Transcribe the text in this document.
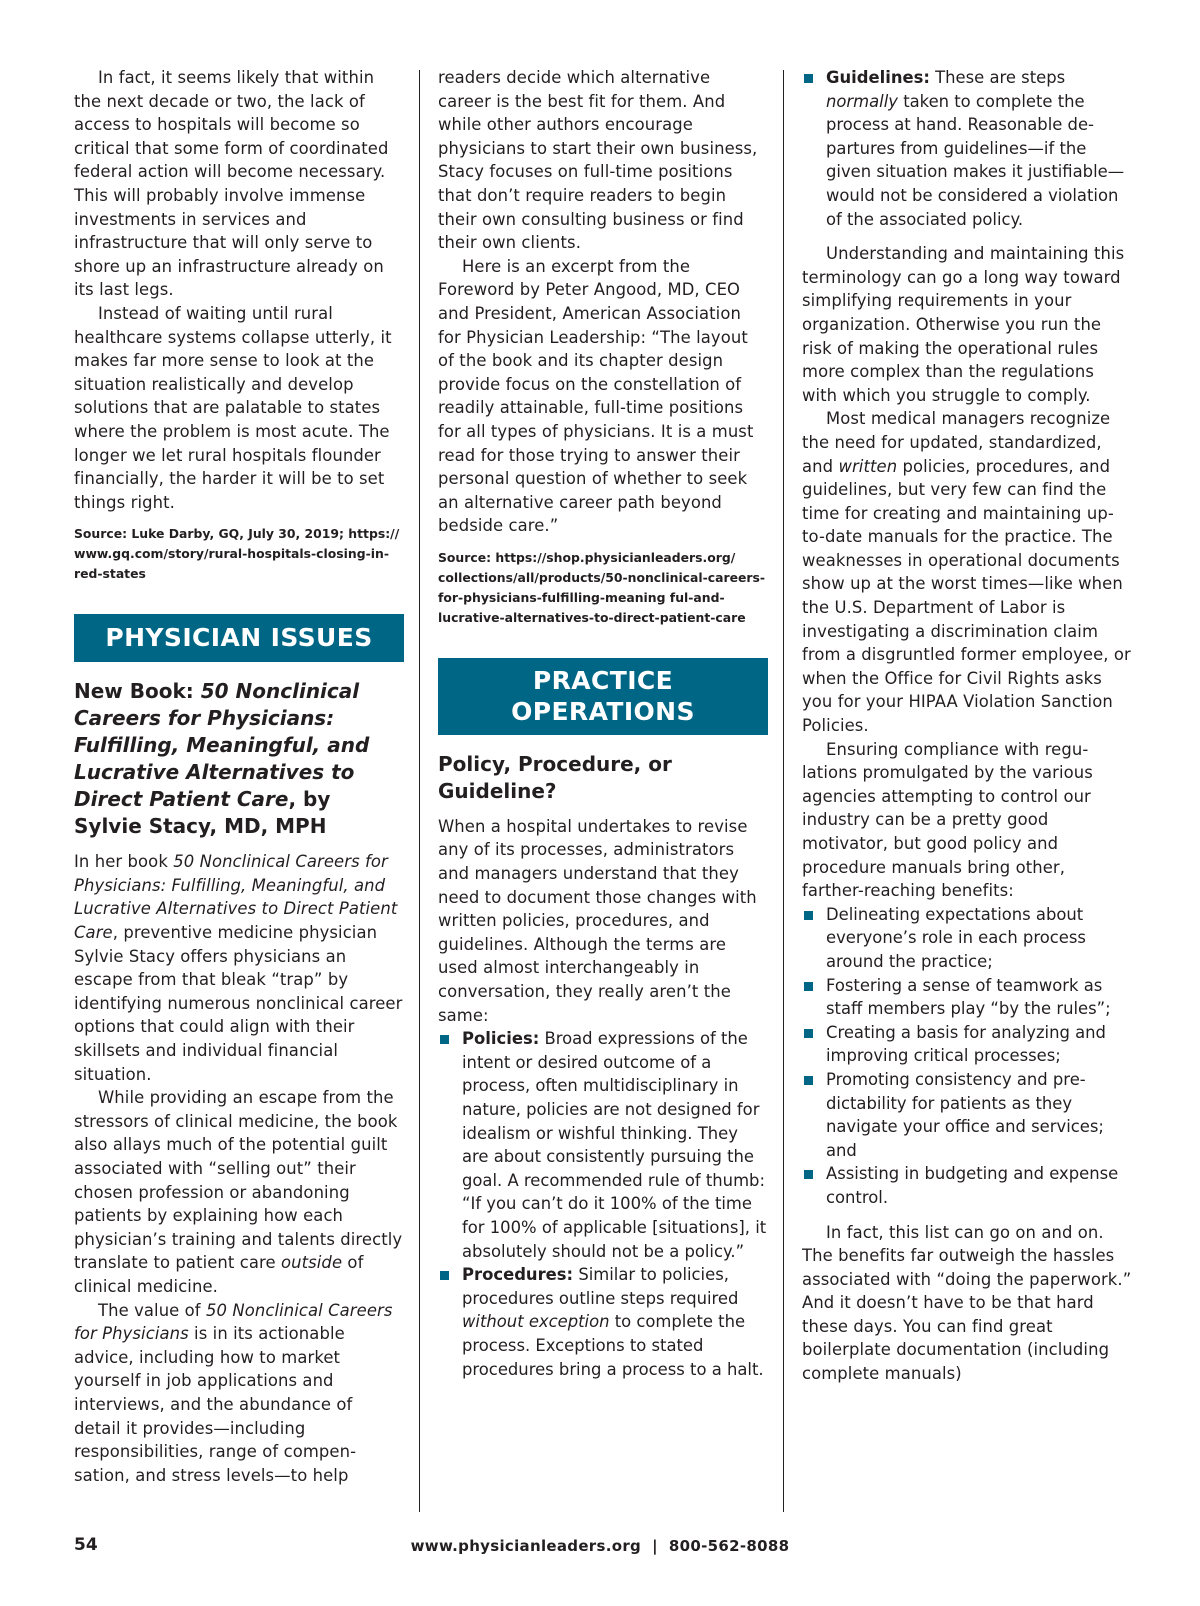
In fact, it seems likely that within the next decade or two, the lack of access to hospitals will become so critical that some form of coordinated federal action will become necessary. This will probably involve immense investments in services and infrastructure that will only serve to shore up an infrastructure already on its last legs.

Instead of waiting until rural healthcare systems collapse utterly, it makes far more sense to look at the situation realistically and develop solutions that are palatable to states where the problem is most acute. The longer we let rural hospitals flounder financially, the harder it will be to set things right.

Source: Luke Darby, GQ, July 30, 2019; https:// www.gq.com/story/rural-hospitals-closing-in-red-states

PHYSICIAN ISSUES

New Book: 50 Nonclinical Careers for Physicians: Fulfilling, Meaningful, and Lucrative Alternatives to Direct Patient Care, by Sylvie Stacy, MD, MPH

In her book 50 Nonclinical Careers for Physicians: Fulfilling, Meaningful, and Lucrative Alternatives to Direct Patient Care, preventive medicine physician Sylvie Stacy offers physicians an escape from that bleak “trap” by identifying numerous nonclinical career options that could align with their skillsets and individual financial situation.

While providing an escape from the stressors of clinical medicine, the book also allays much of the potential guilt associated with “selling out” their chosen profession or abandoning patients by explaining how each physician’s training and talents directly translate to patient care outside of clinical medicine.

The value of 50 Nonclinical Careers for Physicians is in its actionable advice, including how to market yourself in job applications and interviews, and the abundance of detail it provides—including responsibilities, range of compensation, and stress levels—to help

readers decide which alternative career is the best fit for them. And while other authors encourage physicians to start their own business, Stacy focuses on full-time positions that don’t require readers to begin their own consulting business or find their own clients.

Here is an excerpt from the Foreword by Peter Angood, MD, CEO and President, American Association for Physician Leadership: “The layout of the book and its chapter design provide focus on the constellation of readily attainable, full-time positions for all types of physicians. It is a must read for those trying to answer their personal question of whether to seek an alternative career path beyond bedside care.”

Source: https://shop.physicianleaders.org/ collections/all/products/50-nonclinical-careers-for-physicians-fulfilling-meaning ful-and-lucrative-alternatives-to-direct-patient-care

PRACTICE
OPERATIONS

Policy, Procedure, or Guideline?

When a hospital undertakes to revise any of its processes, administrators and managers understand that they need to document those changes with written policies, procedures, and guidelines. Although the terms are used almost interchangeably in conversation, they really aren’t the same:

Policies: Broad expressions of the intent or desired outcome of a process, often multidisciplinary in nature, policies are not designed for idealism or wishful thinking. They are about consistently pursuing the goal. A recommended rule of thumb: “If you can’t do it 100% of the time for 100% of applicable [situations], it absolutely should not be a policy.”
Procedures: Similar to policies, procedures outline steps required without exception to complete the process. Exceptions to stated procedures bring a process to a halt.
Guidelines: These are steps normally taken to complete the process at hand. Reasonable departures from guidelines—if the given situation makes it justifiable—would not be considered a violation of the associated policy.

Understanding and maintaining this terminology can go a long way toward simplifying requirements in your organization. Otherwise you run the risk of making the operational rules more complex than the regulations with which you struggle to comply.

Most medical managers recognize the need for updated, standardized, and written policies, procedures, and guidelines, but very few can find the time for creating and maintaining up-to-date manuals for the practice. The weaknesses in operational documents show up at the worst times—like when the U.S. Department of Labor is investigating a discrimination claim from a disgruntled former employee, or when the Office for Civil Rights asks you for your HIPAA Violation Sanction Policies.

Ensuring compliance with regulations promulgated by the various agencies attempting to control our industry can be a pretty good motivator, but good policy and procedure manuals bring other, farther-reaching benefits:

Delineating expectations about everyone’s role in each process around the practice;
Fostering a sense of teamwork as staff members play “by the rules”;
Creating a basis for analyzing and improving critical processes;
Promoting consistency and predictability for patients as they navigate your office and services; and
Assisting in budgeting and expense control.

In fact, this list can go on and on. The benefits far outweigh the hassles associated with “doing the paperwork.” And it doesn’t have to be that hard these days. You can find great boilerplate documentation (including complete manuals)

54	www.physicianleaders.org  |  800-562-8088
